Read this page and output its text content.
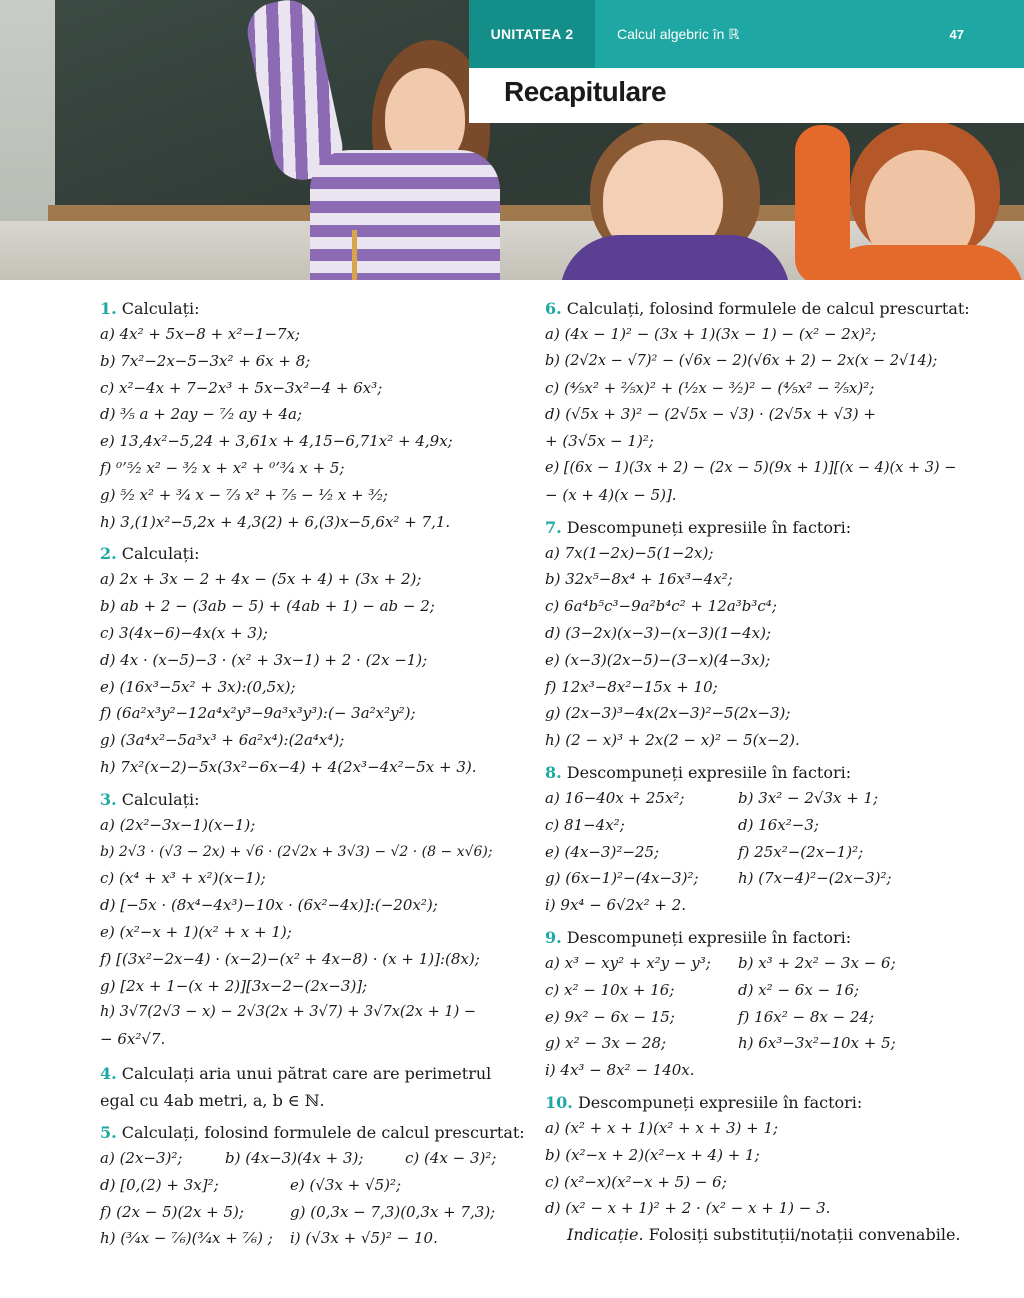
UNITATEA 2	Calcul algebric în ℝ	47
Recapitulare
1. Calculați:
a) 4x² + 5x−8 + x²−1−7x;
b) 7x²−2x−5−3x² + 6x + 8;
c) x²−4x + 7−2x³ + 5x−3x²−4 + 6x³;
d) ³⁄₅ a + 2ay − ⁷⁄₂ ay + 4a;
e) 13,4x²−5,24 + 3,61x + 4,15−6,71x² + 4,9x;
f) ⁰’⁵⁄₂ x² − ³⁄₂ x + x² + ⁰’³⁄₄ x + 5;
g) ⁵⁄₂ x² + ³⁄₄ x − ⁷⁄₃ x² + ⁷⁄₅ − ¹⁄₂ x + ³⁄₂;
h) 3,(1)x²−5,2x + 4,3(2) + 6,(3)x−5,6x² + 7,1.
2. Calculați:
a) 2x + 3x − 2 + 4x − (5x + 4) + (3x + 2);
b) ab + 2 − (3ab − 5) + (4ab + 1) − ab − 2;
c) 3(4x−6)−4x(x + 3);
d) 4x · (x−5)−3 · (x² + 3x−1) + 2 · (2x −1);
e) (16x³−5x² + 3x):(0,5x);
f) (6a²x³y²−12a⁴x²y³−9a³x³y³):(− 3a²x²y²);
g) (3a⁴x²−5a³x³ + 6a²x⁴):(2a⁴x⁴);
h) 7x²(x−2)−5x(3x²−6x−4) + 4(2x³−4x²−5x + 3).
3. Calculați:
a) (2x²−3x−1)(x−1);
b) 2√3 · (√3 − 2x) + √6 · (2√2x + 3√3) − √2 · (8 − x√6);
c) (x⁴ + x³ + x²)(x−1);
d) [−5x · (8x⁴−4x³)−10x · (6x²−4x)]:(−20x²);
e) (x²−x + 1)(x² + x + 1);
f) [(3x²−2x−4) · (x−2)−(x² + 4x−8) · (x + 1)]:(8x);
g) [2x + 1−(x + 2)][3x−2−(2x−3)];
h) 3√7(2√3 − x) − 2√3(2x + 3√7) + 3√7x(2x + 1) −
− 6x²√7.
4. Calculați aria unui pătrat care are perimetrul egal cu 4ab metri, a, b ∈ ℕ.
5. Calculați, folosind formulele de calcul prescurtat:
a) (2x−3)²;	b) (4x−3)(4x + 3);	c) (4x − 3)²;
d) [0,(2) + 3x]²;	e) (√3x + √5)²;
f) (2x − 5)(2x + 5);	g) (0,3x − 7,3)(0,3x + 7,3);
h) (³⁄₄x − ⁷⁄₆)(³⁄₄x + ⁷⁄₆) ;	i) (√3x + √5)² − 10.
6. Calculați, folosind formulele de calcul prescurtat:
a) (4x − 1)² − (3x + 1)(3x − 1) − (x² − 2x)²;
b) (2√2x − √7)² − (√6x − 2)(√6x + 2) − 2x(x − 2√14);
c) (⁴⁄₅x² + ²⁄₅x)² + (¹⁄₂x − ³⁄₂)² − (⁴⁄₅x² − ²⁄₅x)²;
d) (√5x + 3)² − (2√5x − √3) · (2√5x + √3) +
+ (3√5x − 1)²;
e) [(6x − 1)(3x + 2) − (2x − 5)(9x + 1)][(x − 4)(x + 3) −
− (x + 4)(x − 5)].
7. Descompuneți expresiile în factori:
a) 7x(1−2x)−5(1−2x);
b) 32x⁵−8x⁴ + 16x³−4x²;
c) 6a⁴b⁵c³−9a²b⁴c² + 12a³b³c⁴;
d) (3−2x)(x−3)−(x−3)(1−4x);
e) (x−3)(2x−5)−(3−x)(4−3x);
f) 12x³−8x²−15x + 10;
g) (2x−3)³−4x(2x−3)²−5(2x−3);
h) (2 − x)³ + 2x(2 − x)² − 5(x−2).
8. Descompuneți expresiile în factori:
a) 16−40x + 25x²;	b) 3x² − 2√3x + 1;
c) 81−4x²;	d) 16x²−3;
e) (4x−3)²−25;	f) 25x²−(2x−1)²;
g) (6x−1)²−(4x−3)²;	h) (7x−4)²−(2x−3)²;
i) 9x⁴ − 6√2x² + 2.
9. Descompuneți expresiile în factori:
a) x³ − xy² + x²y − y³;	b) x³ + 2x² − 3x − 6;
c) x² − 10x + 16;	d) x² − 6x − 16;
e) 9x² − 6x − 15;	f) 16x² − 8x − 24;
g) x² − 3x − 28;	h) 6x³−3x²−10x + 5;
i) 4x³ − 8x² − 140x.
10. Descompuneți expresiile în factori:
a) (x² + x + 1)(x² + x + 3) + 1;
b) (x²−x + 2)(x²−x + 4) + 1;
c) (x²−x)(x²−x + 5) − 6;
d) (x² − x + 1)² + 2 · (x² − x + 1) − 3.
Indicație. Folosiți substituții/notații convenabile.
